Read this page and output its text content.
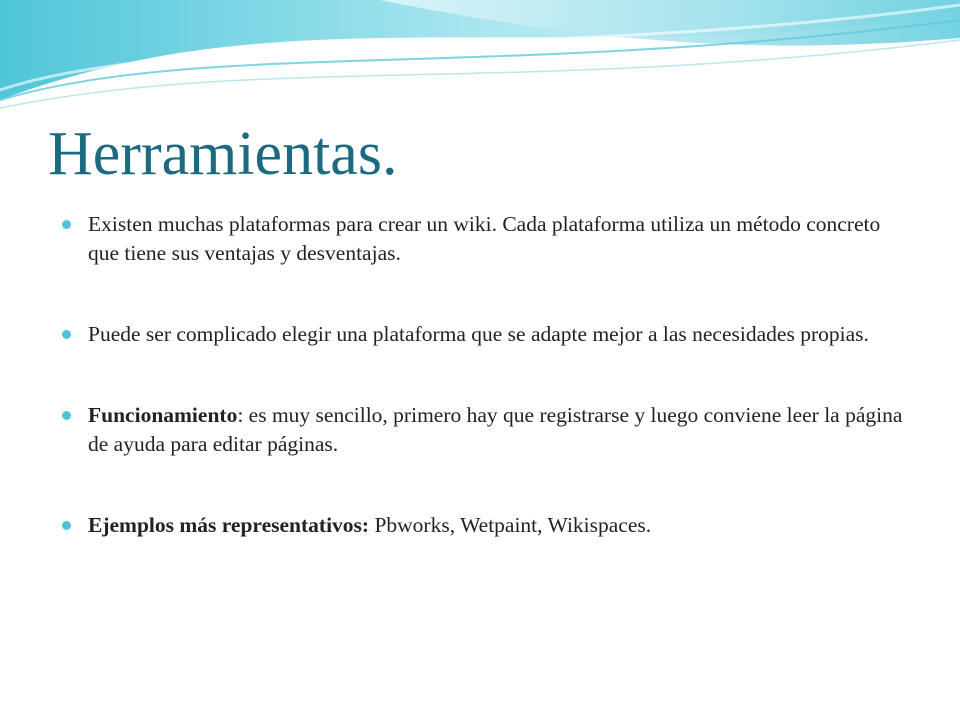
Herramientas.
Existen muchas plataformas para crear un wiki. Cada plataforma utiliza un método concreto que tiene sus ventajas y desventajas.
Puede ser complicado elegir una plataforma que se adapte mejor a las necesidades propias.
Funcionamiento: es muy sencillo, primero hay que registrarse y luego conviene leer la página de ayuda para editar páginas.
Ejemplos más representativos: Pbworks, Wetpaint, Wikispaces.
